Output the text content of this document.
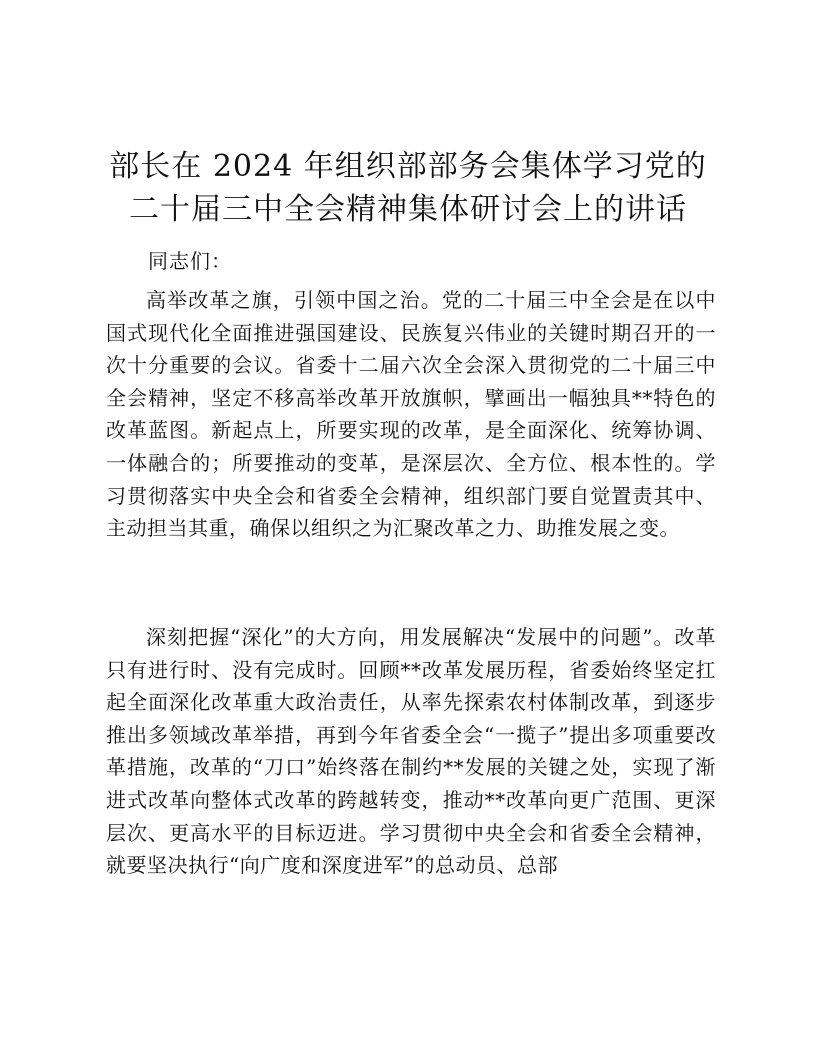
部长在 2024 年组织部部务会集体学习党的二十届三中全会精神集体研讨会上的讲话

同志们：

高举改革之旗，引领中国之治。党的二十届三中全会是在以中国式现代化全面推进强国建设、民族复兴伟业的关键时期召开的一次十分重要的会议。省委十二届六次全会深入贯彻党的二十届三中全会精神，坚定不移高举改革开放旗帜，擘画出一幅独具**特色的改革蓝图。新起点上，所要实现的改革，是全面深化、统筹协调、一体融合的；所要推动的变革，是深层次、全方位、根本性的。学习贯彻落实中央全会和省委全会精神，组织部门要自觉置责其中、主动担当其重，确保以组织之为汇聚改革之力、助推发展之变。

深刻把握“深化”的大方向，用发展解决“发展中的问题”。改革只有进行时、没有完成时。回顾**改革发展历程，省委始终坚定扛起全面深化改革重大政治责任，从率先探索农村体制改革，到逐步推出多领域改革举措，再到今年省委全会“一揽子”提出多项重要改革措施，改革的“刀口”始终落在制约**发展的关键之处，实现了渐进式改革向整体式改革的跨越转变，推动**改革向更广范围、更深层次、更高水平的目标迈进。学习贯彻中央全会和省委全会精神，就要坚决执行“向广度和深度进军”的总动员、总部
